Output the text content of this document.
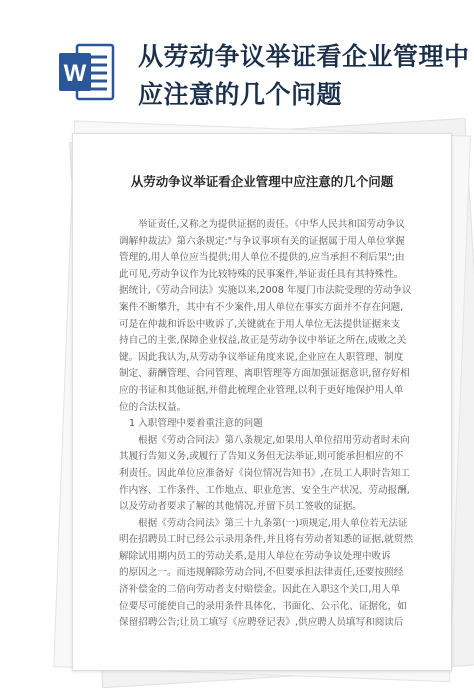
W
从劳动争议举证看企业管理中
应注意的几个问题
从劳动争议举证看企业管理中应注意的几个问题
举证责任,又称之为提供证据的责任。《中华人民共和国劳动争议
调解仲裁法》第六条规定:"与争议事项有关的证据属于用人单位掌握
管理的,用人单位应当提供;用人单位不提供的,应当承担不利后果";由
此可见,劳动争议作为比较特殊的民事案件,举证责任具有其特殊性。
据统计,《劳动合同法》实施以来,2008 年厦门市法院受理的劳动争议
案件不断攀升，其中有不少案件,用人单位在事实方面并不存在问题,
可是在仲裁和诉讼中败诉了,关键就在于用人单位无法提供证据来支
持自己的主张,保障企业权益,故正是劳动争议中举证之所在,成败之关
键。因此我认为,从劳动争议举证角度来说,企业应在人职管理、制度
制定、薪酬管理、合同管理、离职管理等方面加强证据意识,留存好相
应的书证和其他证据,并借此梳理企业管理,以利于更好地保护用人单
位的合法权益。
1 入职管理中要着重注意的问题
根据《劳动合同法》第八条规定,如果用人单位招用劳动者时未向
其履行告知义务,或履行了告知义务但无法举证,则可能承担相应的不
利责任。因此单位应准备好《岗位情况告知书》,在员工人职时告知工
作内容、工作条件、工作地点、职业危害、安全生产状况、劳动报酬,
以及劳动者要求了解的其他情况,并留下员工签收的证据。
根据《劳动合同法》第三十九条第(一)项规定,用人单位若无法证
明在招聘员工时已经公示录用条件,并且将有劳动者知悉的证据,就贸然
解除试用期内员工的劳动关系,是用人单位在劳动争议处理中败诉
的原因之一。而违规解除劳动合同,不但要承担法律责任,还要按照经
济补偿金的二倍向劳动者支付赔偿金。因此在入职这个关口,用人单
位要尽可能使自己的录用条件具体化、书面化、公示化、证据化，如
保留招聘公告;让员工填写《应聘登记表》,供应聘人员填写和阅读后
